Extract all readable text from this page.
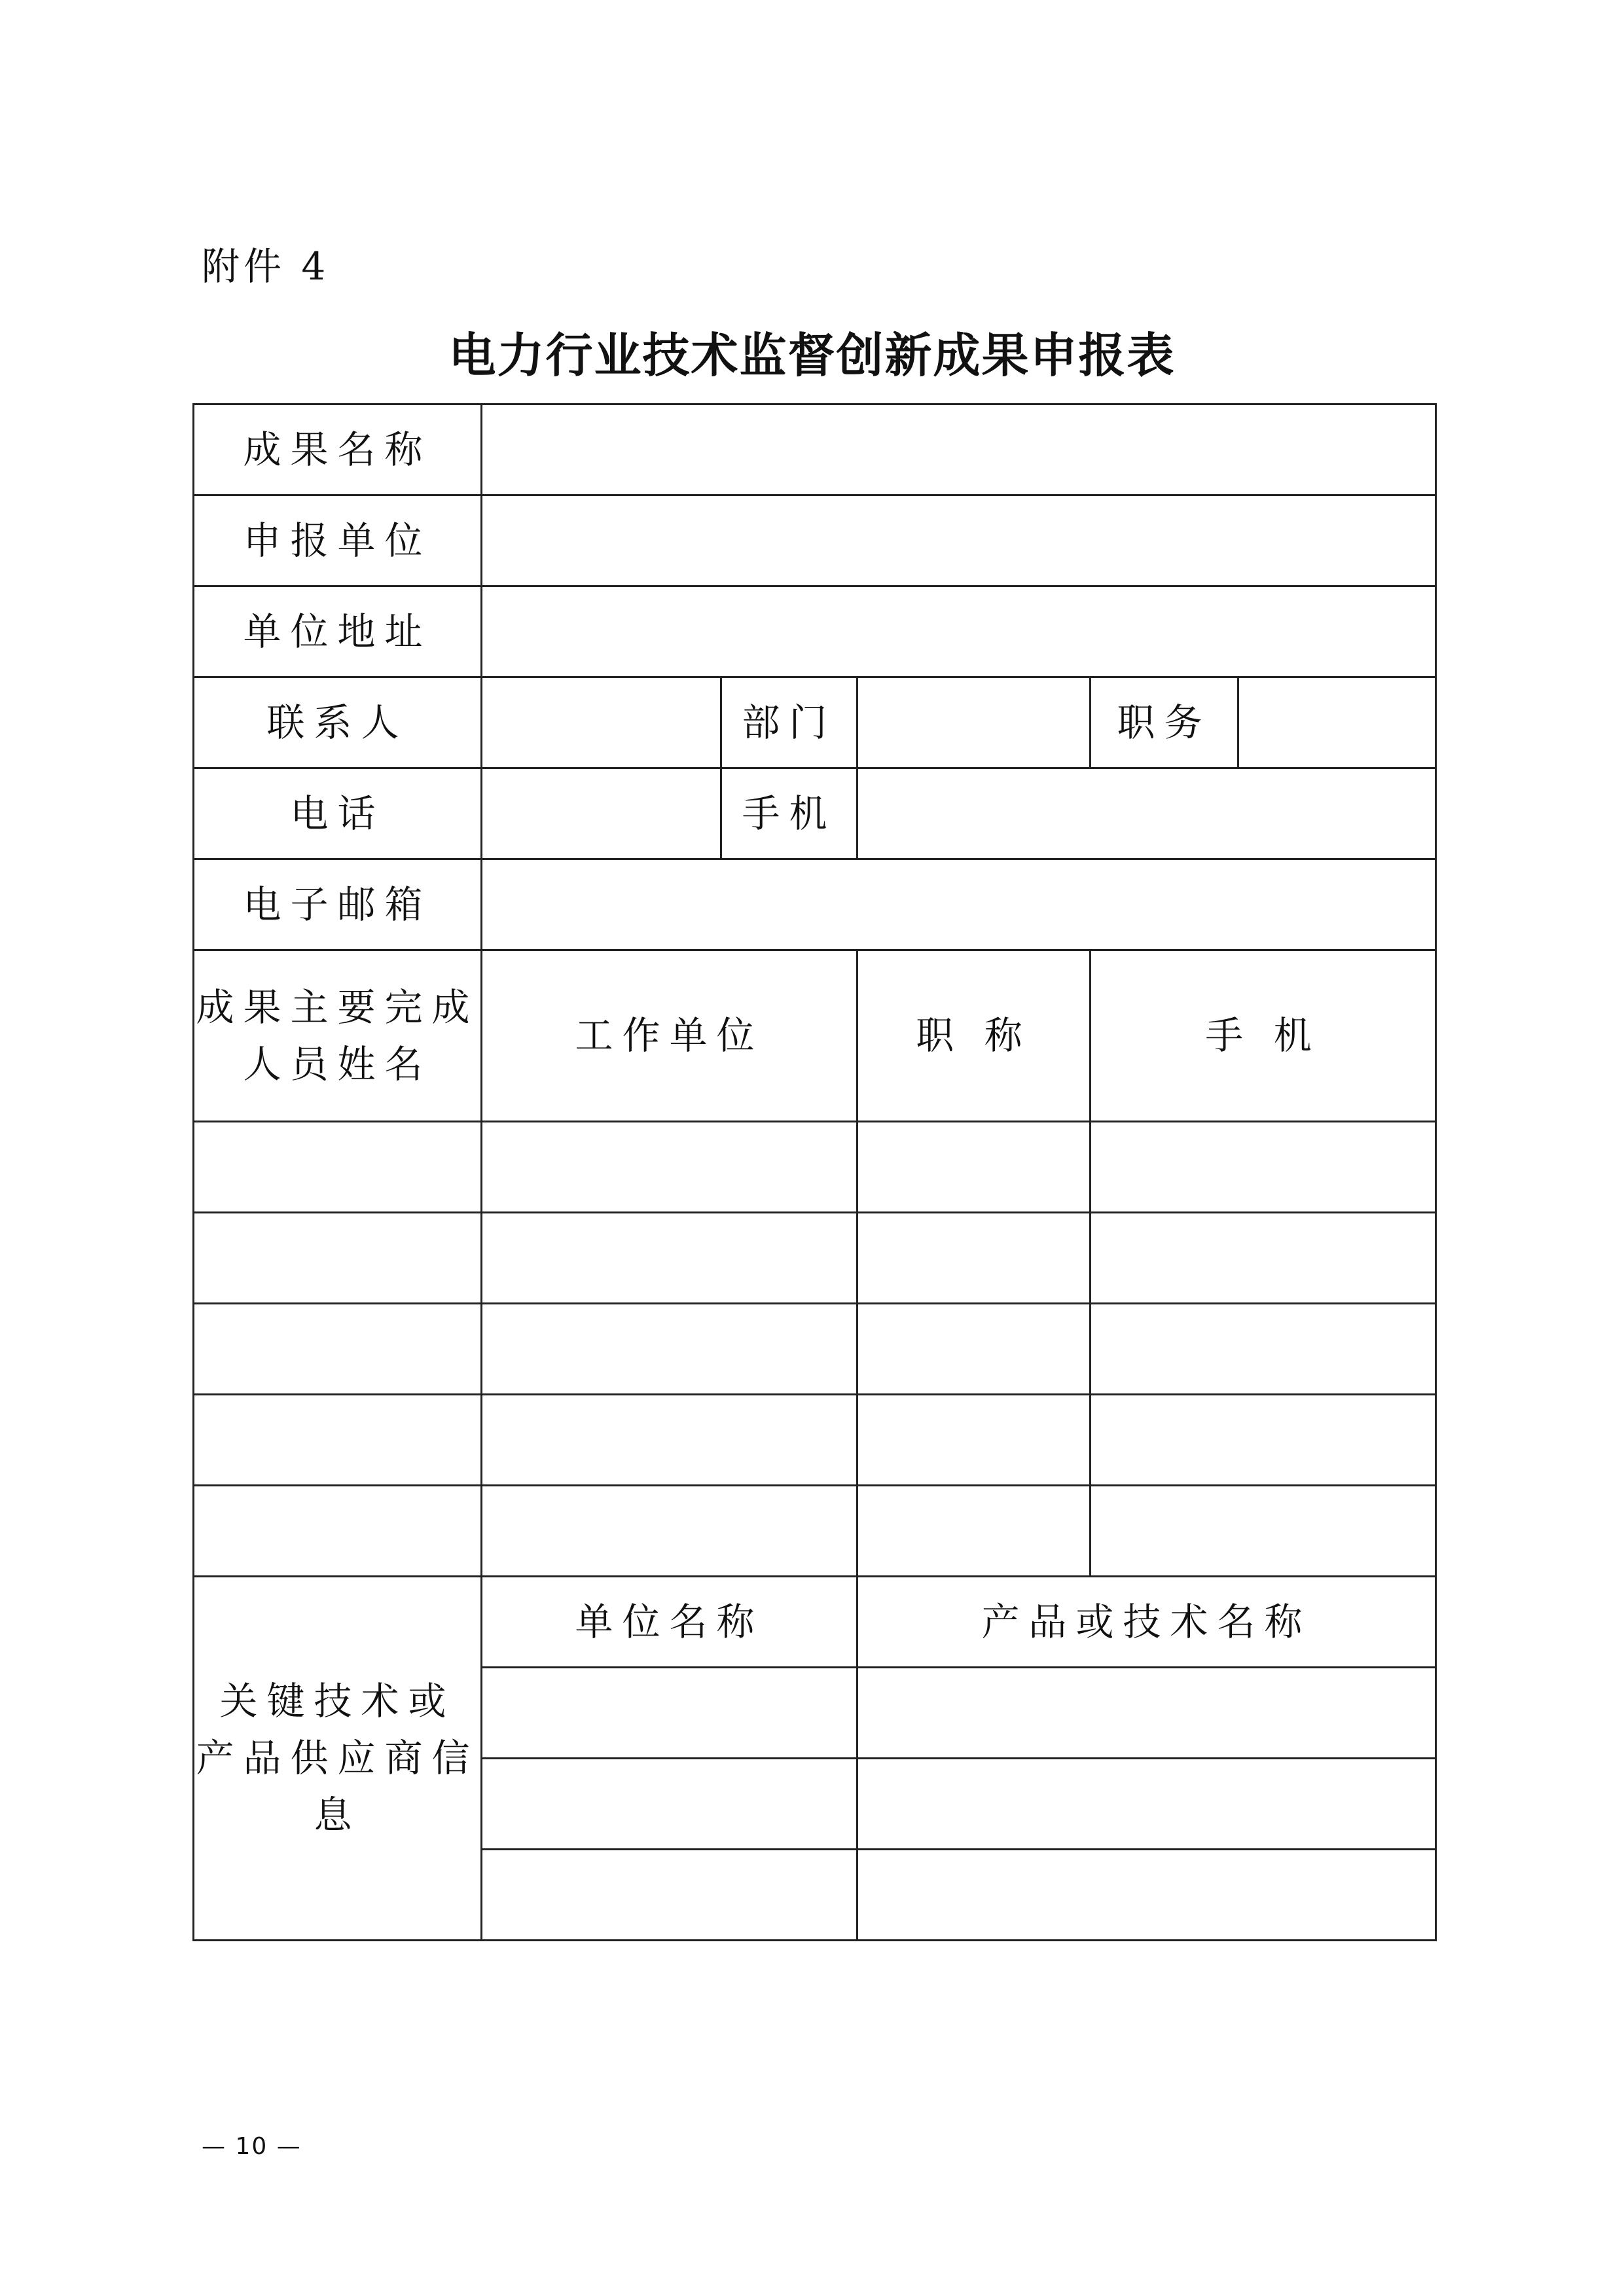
附件 4
电力行业技术监督创新成果申报表
成果名称					
申报单位					
单位地址					
联系人		部门		职务	
电话		手机			
电子邮箱					

成果主要完成
人员姓名	工作单位		职 称	手 机	

关键技术或
产品供应商信
息	单位名称		产品或技术名称		

— 10 —
